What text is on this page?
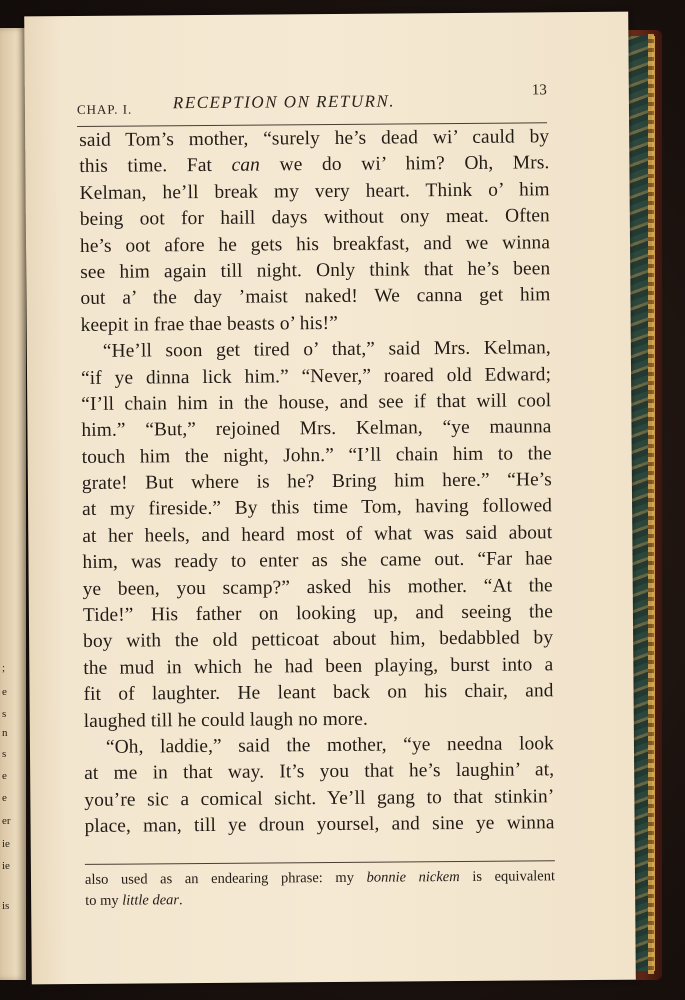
;
e
s
n
s
e
e
er
ie
ie
is
CHAP. I. RECEPTION ON RETURN.
13
said Tom’s mother, “surely he’s dead wi’ cauld by
this time. Fat can we do wi’ him? Oh, Mrs.
Kelman, he’ll break my very heart. Think o’ him
being oot for haill days without ony meat. Often
he’s oot afore he gets his breakfast, and we winna
see him again till night. Only think that he’s been
out a’ the day ’maist naked! We canna get him
keepit in frae thae beasts o’ his!”
“He’ll soon get tired o’ that,” said Mrs. Kelman,
“if ye dinna lick him.” “Never,” roared old Edward;
“I’ll chain him in the house, and see if that will cool
him.” “But,” rejoined Mrs. Kelman, “ye maunna
touch him the night, John.” “I’ll chain him to the
grate! But where is he? Bring him here.” “He’s
at my fireside.” By this time Tom, having followed
at her heels, and heard most of what was said about
him, was ready to enter as she came out. “Far hae
ye been, you scamp?” asked his mother. “At the
Tide!” His father on looking up, and seeing the
boy with the old petticoat about him, bedabbled by
the mud in which he had been playing, burst into a
fit of laughter. He leant back on his chair, and
laughed till he could laugh no more.
“Oh, laddie,” said the mother, “ye needna look
at me in that way. It’s you that he’s laughin’ at,
you’re sic a comical sicht. Ye’ll gang to that stinkin’
place, man, till ye droun yoursel, and sine ye winna
also used as an endearing phrase: my bonnie nickem is equivalent
to my little dear.
